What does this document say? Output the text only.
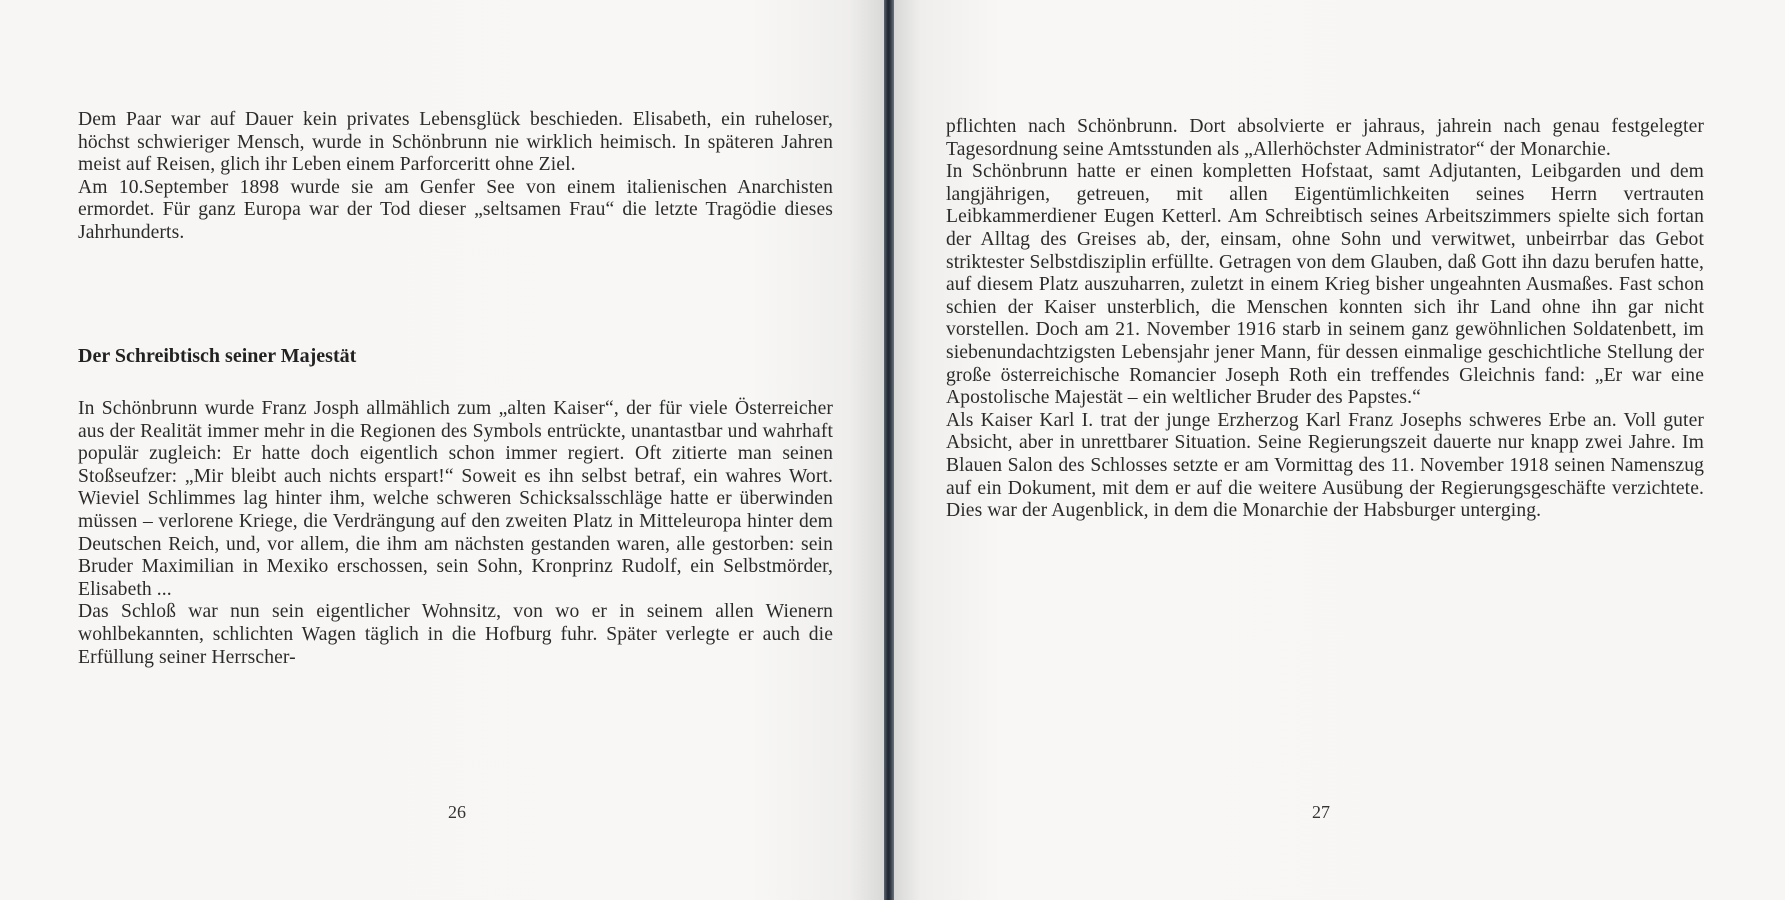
Dem Paar war auf Dauer kein privates Lebensglück beschieden. Elisabeth, ein ruheloser, höchst schwieriger Mensch, wurde in Schönbrunn nie wirklich heimisch. In späteren Jahren meist auf Reisen, glich ihr Leben einem Parforceritt ohne Ziel.

Am 10.September 1898 wurde sie am Genfer See von einem italienischen Anarchisten ermordet. Für ganz Europa war der Tod dieser „seltsamen Frau“ die letzte Tragödie dieses Jahrhunderts.

Der Schreibtisch seiner Majestät

In Schönbrunn wurde Franz Josph allmählich zum „alten Kaiser“, der für viele Österreicher aus der Realität immer mehr in die Regionen des Symbols entrückte, unantastbar und wahrhaft populär zugleich: Er hatte doch eigentlich schon immer regiert. Oft zitierte man seinen Stoßseufzer: „Mir bleibt auch nichts erspart!“ Soweit es ihn selbst betraf, ein wahres Wort. Wieviel Schlimmes lag hinter ihm, welche schweren Schicksalsschläge hatte er überwinden müssen – verlorene Kriege, die Verdrängung auf den zweiten Platz in Mitteleuropa hinter dem Deutschen Reich, und, vor allem, die ihm am nächsten gestanden waren, alle gestorben: sein Bruder Maximilian in Mexiko erschossen, sein Sohn, Kronprinz Rudolf, ein Selbstmörder, Elisabeth ...

Das Schloß war nun sein eigentlicher Wohnsitz, von wo er in seinem allen Wienern wohlbekannten, schlichten Wagen täglich in die Hofburg fuhr. Später verlegte er auch die Erfüllung seiner Herrscher-

26

pflichten nach Schönbrunn. Dort absolvierte er jahraus, jahrein nach genau festgelegter Tagesordnung seine Amtsstunden als „Allerhöchster Administrator“ der Monarchie.

In Schönbrunn hatte er einen kompletten Hofstaat, samt Adjutanten, Leibgarden und dem langjährigen, getreuen, mit allen Eigentümlichkeiten seines Herrn vertrauten Leibkammerdiener Eugen Ketterl. Am Schreibtisch seines Arbeitszimmers spielte sich fortan der Alltag des Greises ab, der, einsam, ohne Sohn und verwitwet, unbeirrbar das Gebot striktester Selbstdisziplin erfüllte. Getragen von dem Glauben, daß Gott ihn dazu berufen hatte, auf diesem Platz auszuharren, zuletzt in einem Krieg bisher ungeahnten Ausmaßes. Fast schon schien der Kaiser unsterblich, die Menschen konnten sich ihr Land ohne ihn gar nicht vorstellen. Doch am 21. November 1916 starb in seinem ganz gewöhnlichen Soldatenbett, im siebenundachtzigsten Lebensjahr jener Mann, für dessen einmalige geschichtliche Stellung der große österreichische Romancier Joseph Roth ein treffendes Gleichnis fand: „Er war eine Apostolische Majestät – ein weltlicher Bruder des Papstes.“

Als Kaiser Karl I. trat der junge Erzherzog Karl Franz Josephs schweres Erbe an. Voll guter Absicht, aber in unrettbarer Situation. Seine Regierungszeit dauerte nur knapp zwei Jahre. Im Blauen Salon des Schlosses setzte er am Vormittag des 11. November 1918 seinen Namenszug auf ein Dokument, mit dem er auf die weitere Ausübung der Regierungsgeschäfte verzichtete. Dies war der Augenblick, in dem die Monarchie der Habsburger unterging.

27
